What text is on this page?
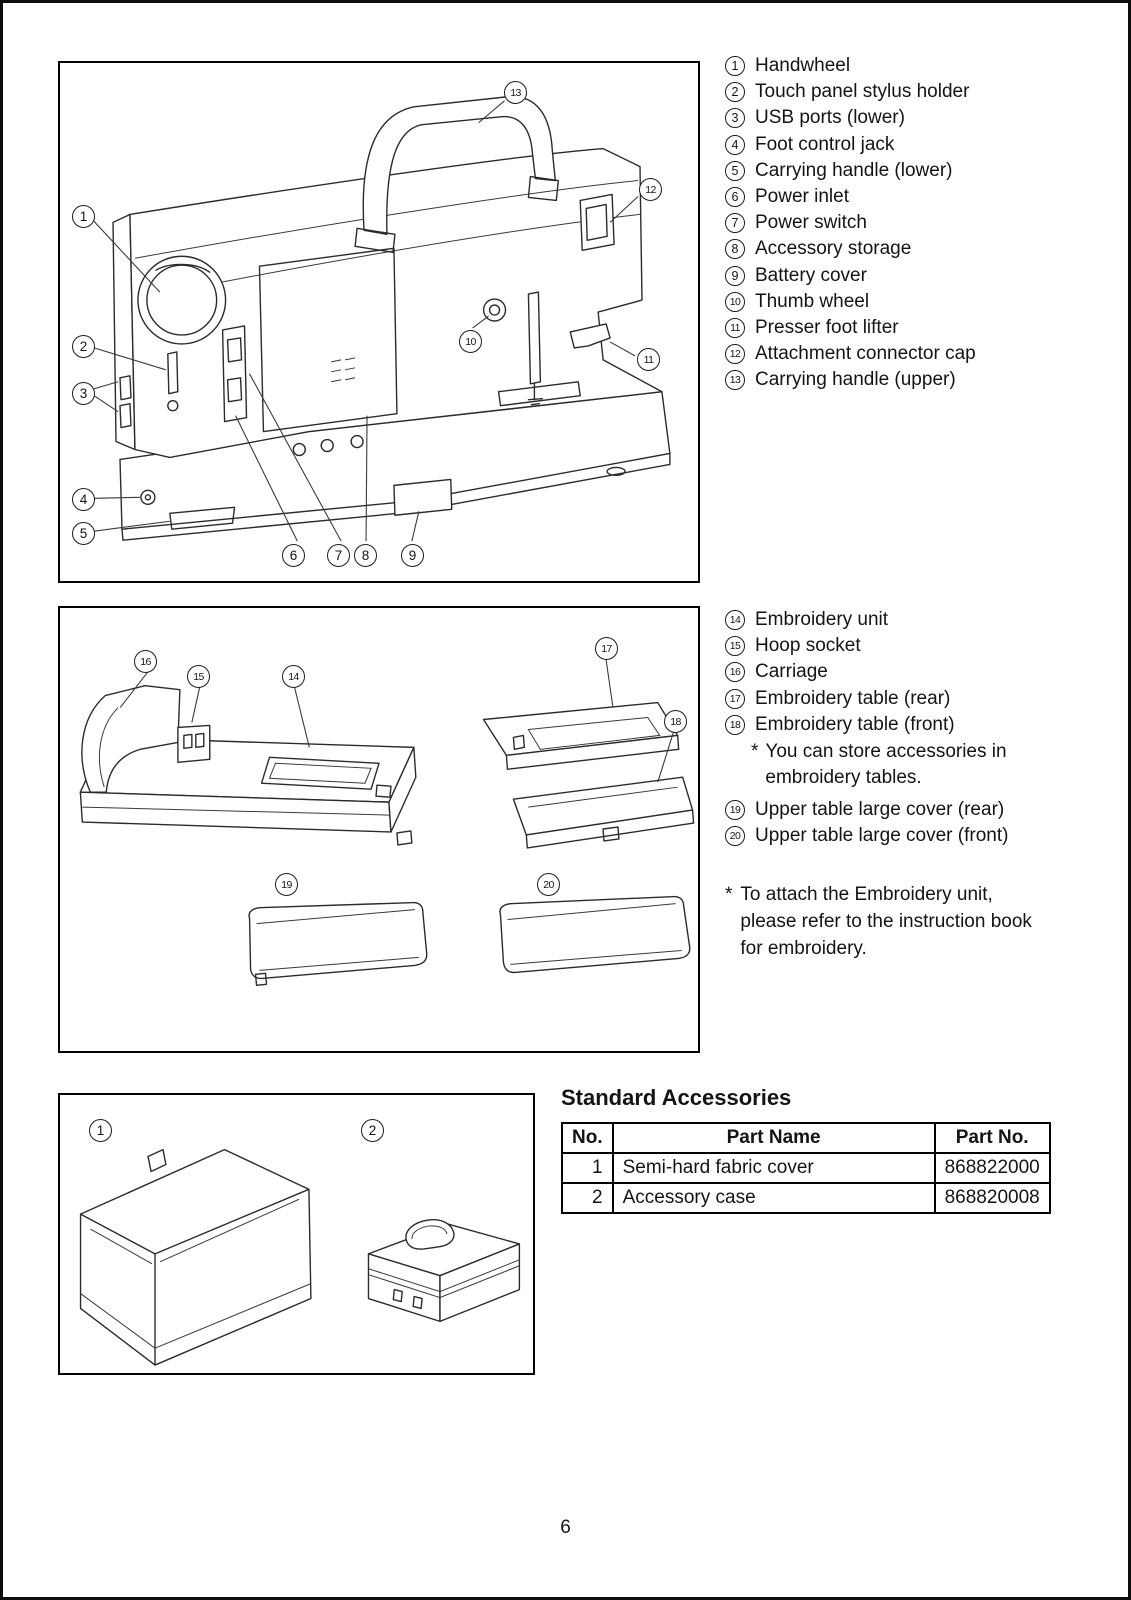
1
2
3
4
5
6	7	8	9
10
11
12
13
1 Handwheel
2 Touch panel stylus holder
3 USB ports (lower)
4 Foot control jack
5 Carrying handle (lower)
6 Power inlet
7 Power switch
8 Accessory storage
9 Battery cover
10 Thumb wheel
11 Presser foot lifter
12 Attachment connector cap
13 Carrying handle (upper)
14
15
16
17
18
19	20
14 Embroidery unit
15 Hoop socket
16 Carriage
17 Embroidery table (rear)
18 Embroidery table (front)
* You can store accessories in embroidery tables.
19 Upper table large cover (rear)
20 Upper table large cover (front)
* To attach the Embroidery unit, please refer to the instruction book for embroidery.
1	2
Standard Accessories
No.	Part Name	Part No.
1	Semi-hard fabric cover	868822000
2	Accessory case	868820008
6
